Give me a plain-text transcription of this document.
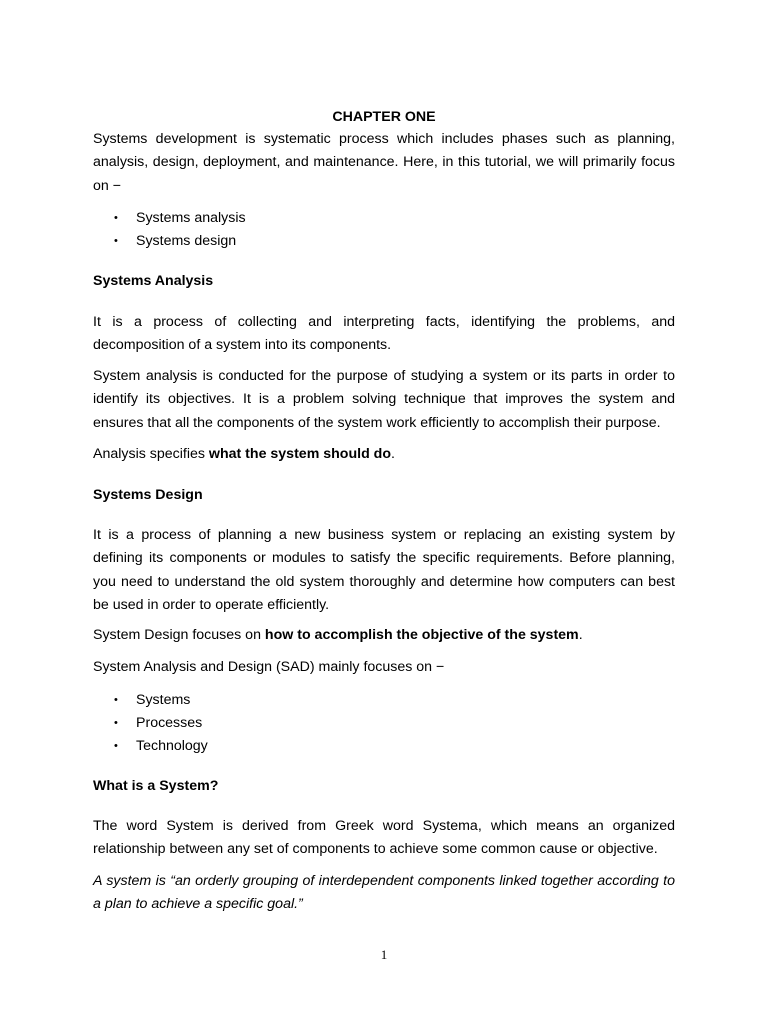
CHAPTER ONE

Systems development is systematic process which includes phases such as planning, analysis, design, deployment, and maintenance. Here, in this tutorial, we will primarily focus on −

• Systems analysis
• Systems design

Systems Analysis

It is a process of collecting and interpreting facts, identifying the problems, and decomposition of a system into its components.

System analysis is conducted for the purpose of studying a system or its parts in order to identify its objectives. It is a problem solving technique that improves the system and ensures that all the components of the system work efficiently to accomplish their purpose.

Analysis specifies what the system should do.

Systems Design

It is a process of planning a new business system or replacing an existing system by defining its components or modules to satisfy the specific requirements. Before planning, you need to understand the old system thoroughly and determine how computers can best be used in order to operate efficiently.

System Design focuses on how to accomplish the objective of the system.

System Analysis and Design (SAD) mainly focuses on −

• Systems
• Processes
• Technology

What is a System?

The word System is derived from Greek word Systema, which means an organized relationship between any set of components to achieve some common cause or objective.

A system is “an orderly grouping of interdependent components linked together according to a plan to achieve a specific goal.”

1
